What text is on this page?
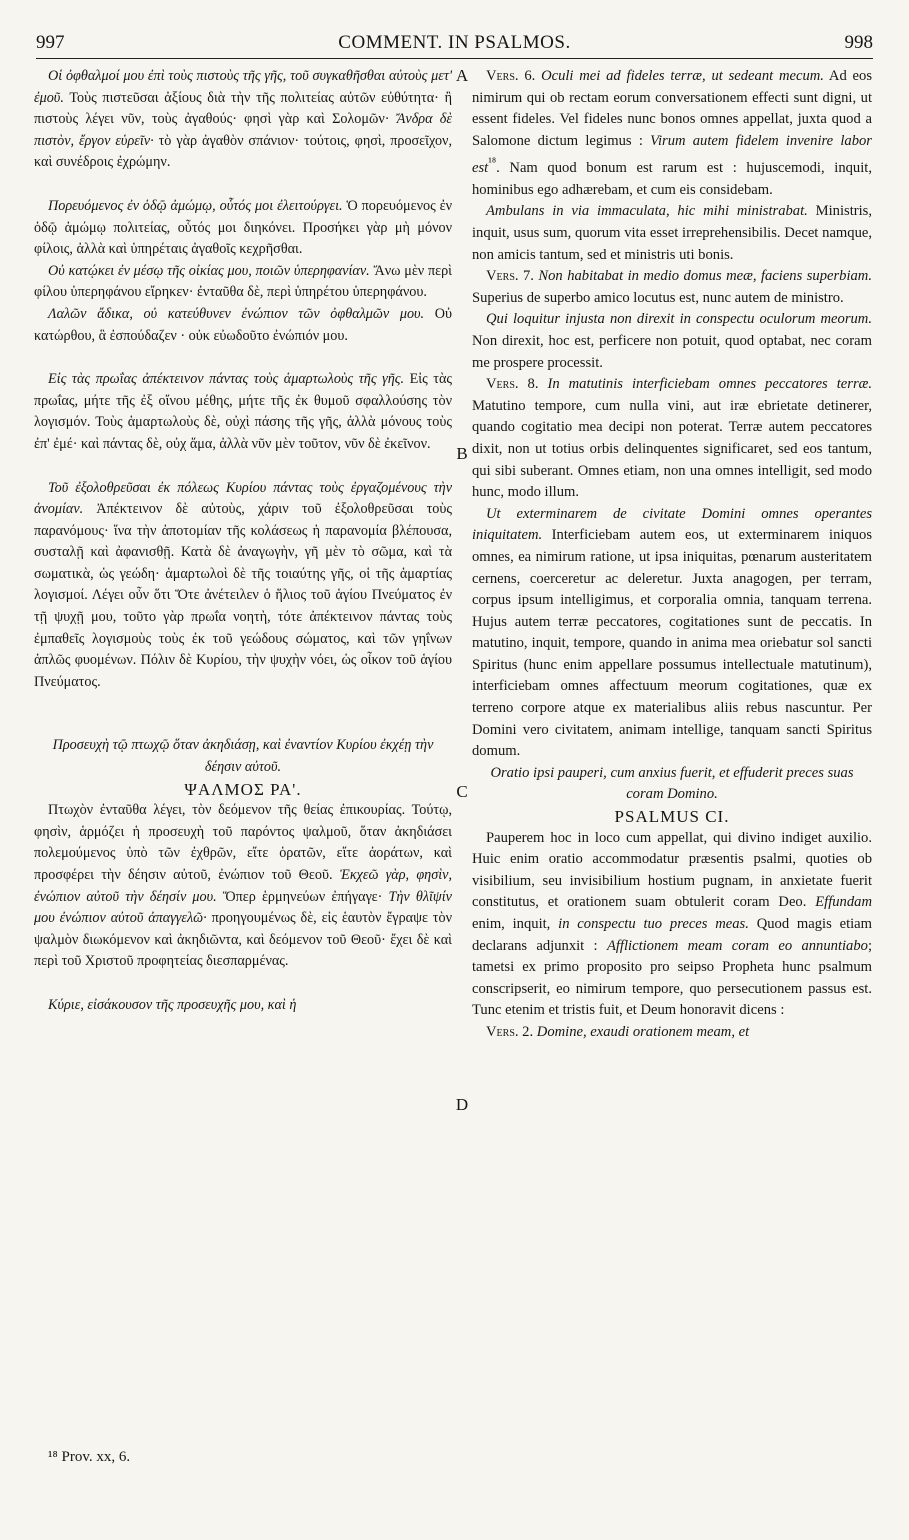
997	COMMENT. IN PSALMOS.	998
A
B
C
D

Οἱ ὀφθαλμοί μου ἐπὶ τοὺς πιστοὺς τῆς γῆς, τοῦ συγκαθῆσθαι αὐτοὺς μετ' ἐμοῦ. Τοὺς πιστεῦσαι ἀξίους διὰ τὴν τῆς πολιτείας αὐτῶν εὐθύτητα· ἢ πιστοὺς λέγει νῦν, τοὺς ἀγαθούς· φησὶ γὰρ καὶ Σολομῶν· Ἄνδρα δὲ πιστὸν, ἔργον εὑρεῖν· τὸ γὰρ ἀγαθὸν σπάνιον· τούτοις, φησὶ, προσεῖχον, καὶ συνέδροις ἐχρώμην.

Πορευόμενος ἐν ὁδῷ ἀμώμῳ, οὗτός μοι ἐλειτούργει. Ὁ πορευόμενος ἐν ὁδῷ ἀμώμῳ πολιτείας, οὗτός μοι διηκόνει. Προσήκει γὰρ μὴ μόνον φίλοις, ἀλλὰ καὶ ὑπηρέταις ἀγαθοῖς κεχρῆσθαι.

Οὐ κατῴκει ἐν μέσῳ τῆς οἰκίας μου, ποιῶν ὑπερηφανίαν. Ἄνω μὲν περὶ φίλου ὑπερηφάνου εἴρηκεν· ἐνταῦθα δὲ, περὶ ὑπηρέτου ὑπερηφάνου.

Λαλῶν ἄδικα, οὐ κατεύθυνεν ἐνώπιον τῶν ὀφθαλμῶν μου. Οὐ κατώρθου, ἃ ἐσπούδαζεν · οὐκ εὐωδοῦτο ἐνώπιόν μου.

Εἰς τὰς πρωΐας ἀπέκτεινον πάντας τοὺς ἁμαρτωλοὺς τῆς γῆς. Εἰς τὰς πρωΐας, μήτε τῆς ἐξ οἴνου μέθης, μήτε τῆς ἐκ θυμοῦ σφαλλούσης τὸν λογισμόν. Τοὺς ἁμαρτωλοὺς δὲ, οὐχὶ πάσης τῆς γῆς, ἀλλὰ μόνους τοὺς ἐπ' ἐμέ· καὶ πάντας δὲ, οὐχ ἅμα, ἀλλὰ νῦν μὲν τοῦτον, νῦν δὲ ἐκεῖνον.

Τοῦ ἐξολοθρεῦσαι ἐκ πόλεως Κυρίου πάντας τοὺς ἐργαζομένους τὴν ἀνομίαν. Ἀπέκτεινον δὲ αὐτοὺς, χάριν τοῦ ἐξολοθρεῦσαι τοὺς παρανόμους· ἵνα τὴν ἀποτομίαν τῆς κολάσεως ἡ παρανομία βλέπουσα, συσταλῇ καὶ ἀφανισθῇ. Κατὰ δὲ ἀναγωγὴν, γῆ μὲν τὸ σῶμα, καὶ τὰ σωματικὰ, ὡς γεώδη· ἁμαρτωλοὶ δὲ τῆς τοιαύτης γῆς, οἱ τῆς ἁμαρτίας λογισμοί. Λέγει οὖν ὅτι Ὅτε ἀνέτειλεν ὁ ἥλιος τοῦ ἁγίου Πνεύματος ἐν τῇ ψυχῇ μου, τοῦτο γὰρ πρωΐα νοητὴ, τότε ἀπέκτεινον πάντας τοὺς ἐμπαθεῖς λογισμοὺς τοὺς ἐκ τοῦ γεώδους σώματος, καὶ τῶν γηΐνων ἁπλῶς φυομένων. Πόλιν δὲ Κυρίου, τὴν ψυχὴν νόει, ὡς οἶκον τοῦ ἁγίου Πνεύματος.

Προσευχὴ τῷ πτωχῷ ὅταν ἀκηδιάσῃ, καὶ ἐναντίον Κυρίου ἐκχέῃ τὴν δέησιν αὐτοῦ.

ΨΑΛΜΟΣ ΡΑ'.

Πτωχὸν ἐνταῦθα λέγει, τὸν δεόμενον τῆς θείας ἐπικουρίας. Τούτῳ, φησὶν, ἁρμόζει ἡ προσευχὴ τοῦ παρόντος ψαλμοῦ, ὅταν ἀκηδιάσει πολεμούμενος ὑπὸ τῶν ἐχθρῶν, εἴτε ὁρατῶν, εἴτε ἀοράτων, καὶ προσφέρει τὴν δέησιν αὐτοῦ, ἐνώπιον τοῦ Θεοῦ. Ἐκχεῶ γὰρ, φησὶν, ἐνώπιον αὐτοῦ τὴν δέησίν μου. Ὅπερ ἑρμηνεύων ἐπήγαγε· Τὴν θλῖψίν μου ἐνώπιον αὐτοῦ ἀπαγγελῶ· προηγουμένως δὲ, εἰς ἑαυτὸν ἔγραψε τὸν ψαλμὸν διωκόμενον καὶ ἀκηδιῶντα, καὶ δεόμενον τοῦ Θεοῦ· ἔχει δὲ καὶ περὶ τοῦ Χριστοῦ προφητείας διεσπαρμένας.

Κύριε, εἰσάκουσον τῆς προσευχῆς μου, καὶ ἡ

Vers. 6. Oculi mei ad fideles terræ, ut sedeant mecum. Ad eos nimirum qui ob rectam eorum conversationem effecti sunt digni, ut essent fideles. Vel fideles nunc bonos omnes appellat, juxta quod a Salomone dictum legimus : Virum autem fidelem invenire labor est$^{^{18}}$. Nam quod bonum est rarum est : hujuscemodi, inquit, hominibus ego adhærebam, et cum eis considebam.

Ambulans in via immaculata, hic mihi ministrabat. Ministris, inquit, usus sum, quorum vita esset irreprehensibilis. Decet namque, non amicis tantum, sed et ministris uti bonis.

Vers. 7. Non habitabat in medio domus meæ, faciens superbiam. Superius de superbo amico locutus est, nunc autem de ministro.

Qui loquitur injusta non direxit in conspectu oculorum meorum. Non direxit, hoc est, perficere non potuit, quod optabat, nec coram me prospere processit.

Vers. 8. In matutinis interficiebam omnes peccatores terræ. Matutino tempore, cum nulla vini, aut iræ ebrietate detinerer, quando cogitatio mea decipi non poterat. Terræ autem peccatores dixit, non ut totius orbis delinquentes significaret, sed eos tantum, qui sibi suberant. Omnes etiam, non una omnes intelligit, sed modo hunc, modo illum.

Ut exterminarem de civitate Domini omnes operantes iniquitatem. Interficiebam autem eos, ut exterminarem iniquos omnes, ea nimirum ratione, ut ipsa iniquitas, pœnarum austeritatem cernens, coerceretur ac deleretur. Juxta anagogen, per terram, corpus ipsum intelligimus, et corporalia omnia, tanquam terrena. Hujus autem terræ peccatores, cogitationes sunt de peccatis. In matutino, inquit, tempore, quando in anima mea oriebatur sol sancti Spiritus (hunc enim appellare possumus intellectuale matutinum), interficiebam omnes affectuum meorum cogitationes, quæ ex terreno corpore atque ex materialibus aliis rebus nascuntur. Per Domini vero civitatem, animam intellige, tanquam sancti Spiritus domum.

Oratio ipsi pauperi, cum anxius fuerit, et effuderit preces suas coram Domino.

PSALMUS CI.

Pauperem hoc in loco cum appellat, qui divino indiget auxilio. Huic enim oratio accommodatur præsentis psalmi, quoties ob visibilium, seu invisibilium hostium pugnam, in anxietate fuerit constitutus, et orationem suam obtulerit coram Deo. Effundam enim, inquit, in conspectu tuo preces meas. Quod magis etiam declarans adjunxit : Afflictionem meam coram eo annuntiabo; tametsi ex primo proposito pro seipso Propheta hunc psalmum conscripserit, eo nimirum tempore, quo persecutionem passus est. Tunc etenim et tristis fuit, et Deum honoravit dicens :

Vers. 2. Domine, exaudi orationem meam, et

¹⁸ Prov. xx, 6.
